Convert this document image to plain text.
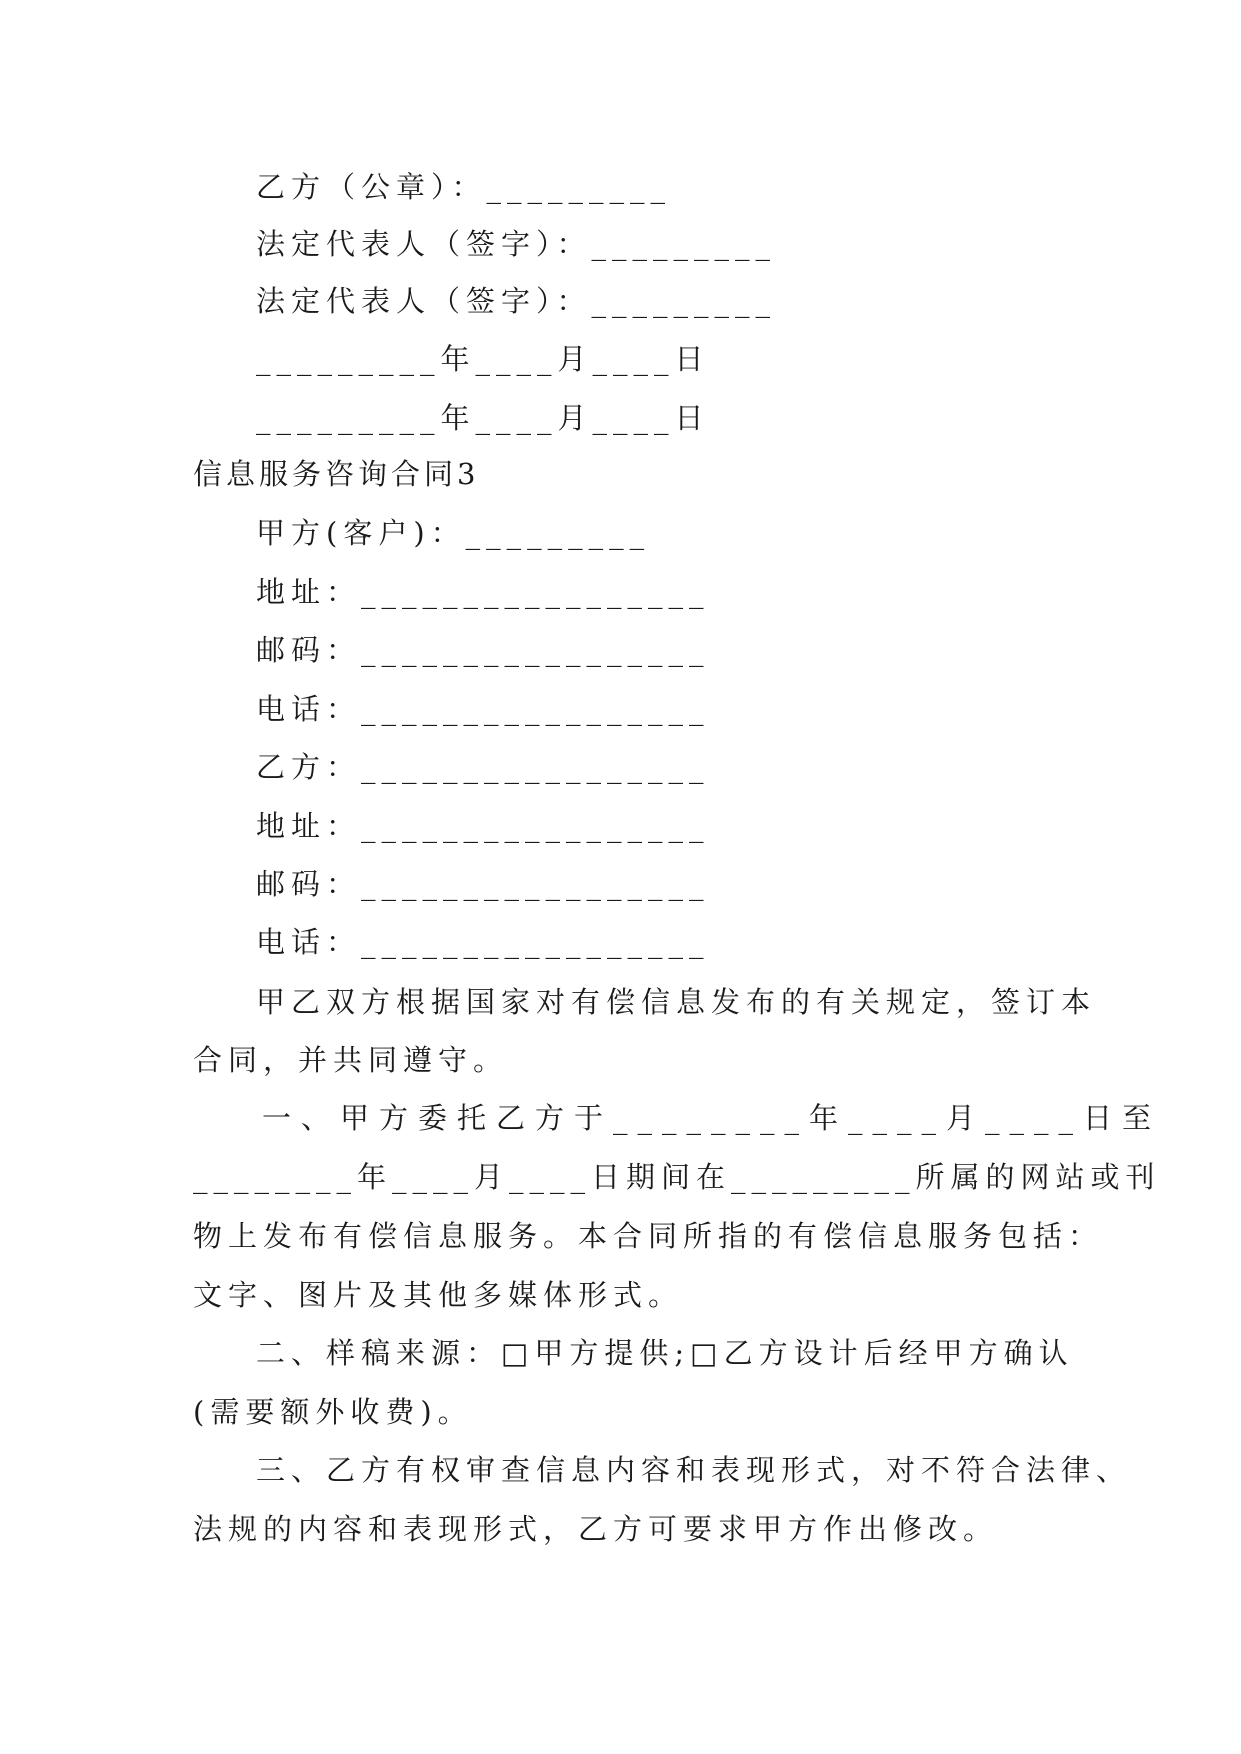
乙方（公章）：_________
法定代表人（签字）：_________
法定代表人（签字）：_________
_________年____月____日
_________年____月____日
信息服务咨询合同3
甲方(客户)：_________
地址：_________________
邮码：_________________
电话：_________________
乙方：_________________
地址：_________________
邮码：_________________
电话：_________________
甲乙双方根据国家对有偿信息发布的有关规定，签订本
合同，并共同遵守。
一、甲方委托乙方于________年____月____日至
________年____月____日期间在_________所属的网站或刊
物上发布有偿信息服务。本合同所指的有偿信息服务包括：
文字、图片及其他多媒体形式。
二、样稿来源：□甲方提供;□乙方设计后经甲方确认
(需要额外收费)。
三、乙方有权审查信息内容和表现形式，对不符合法律、
法规的内容和表现形式，乙方可要求甲方作出修改。
